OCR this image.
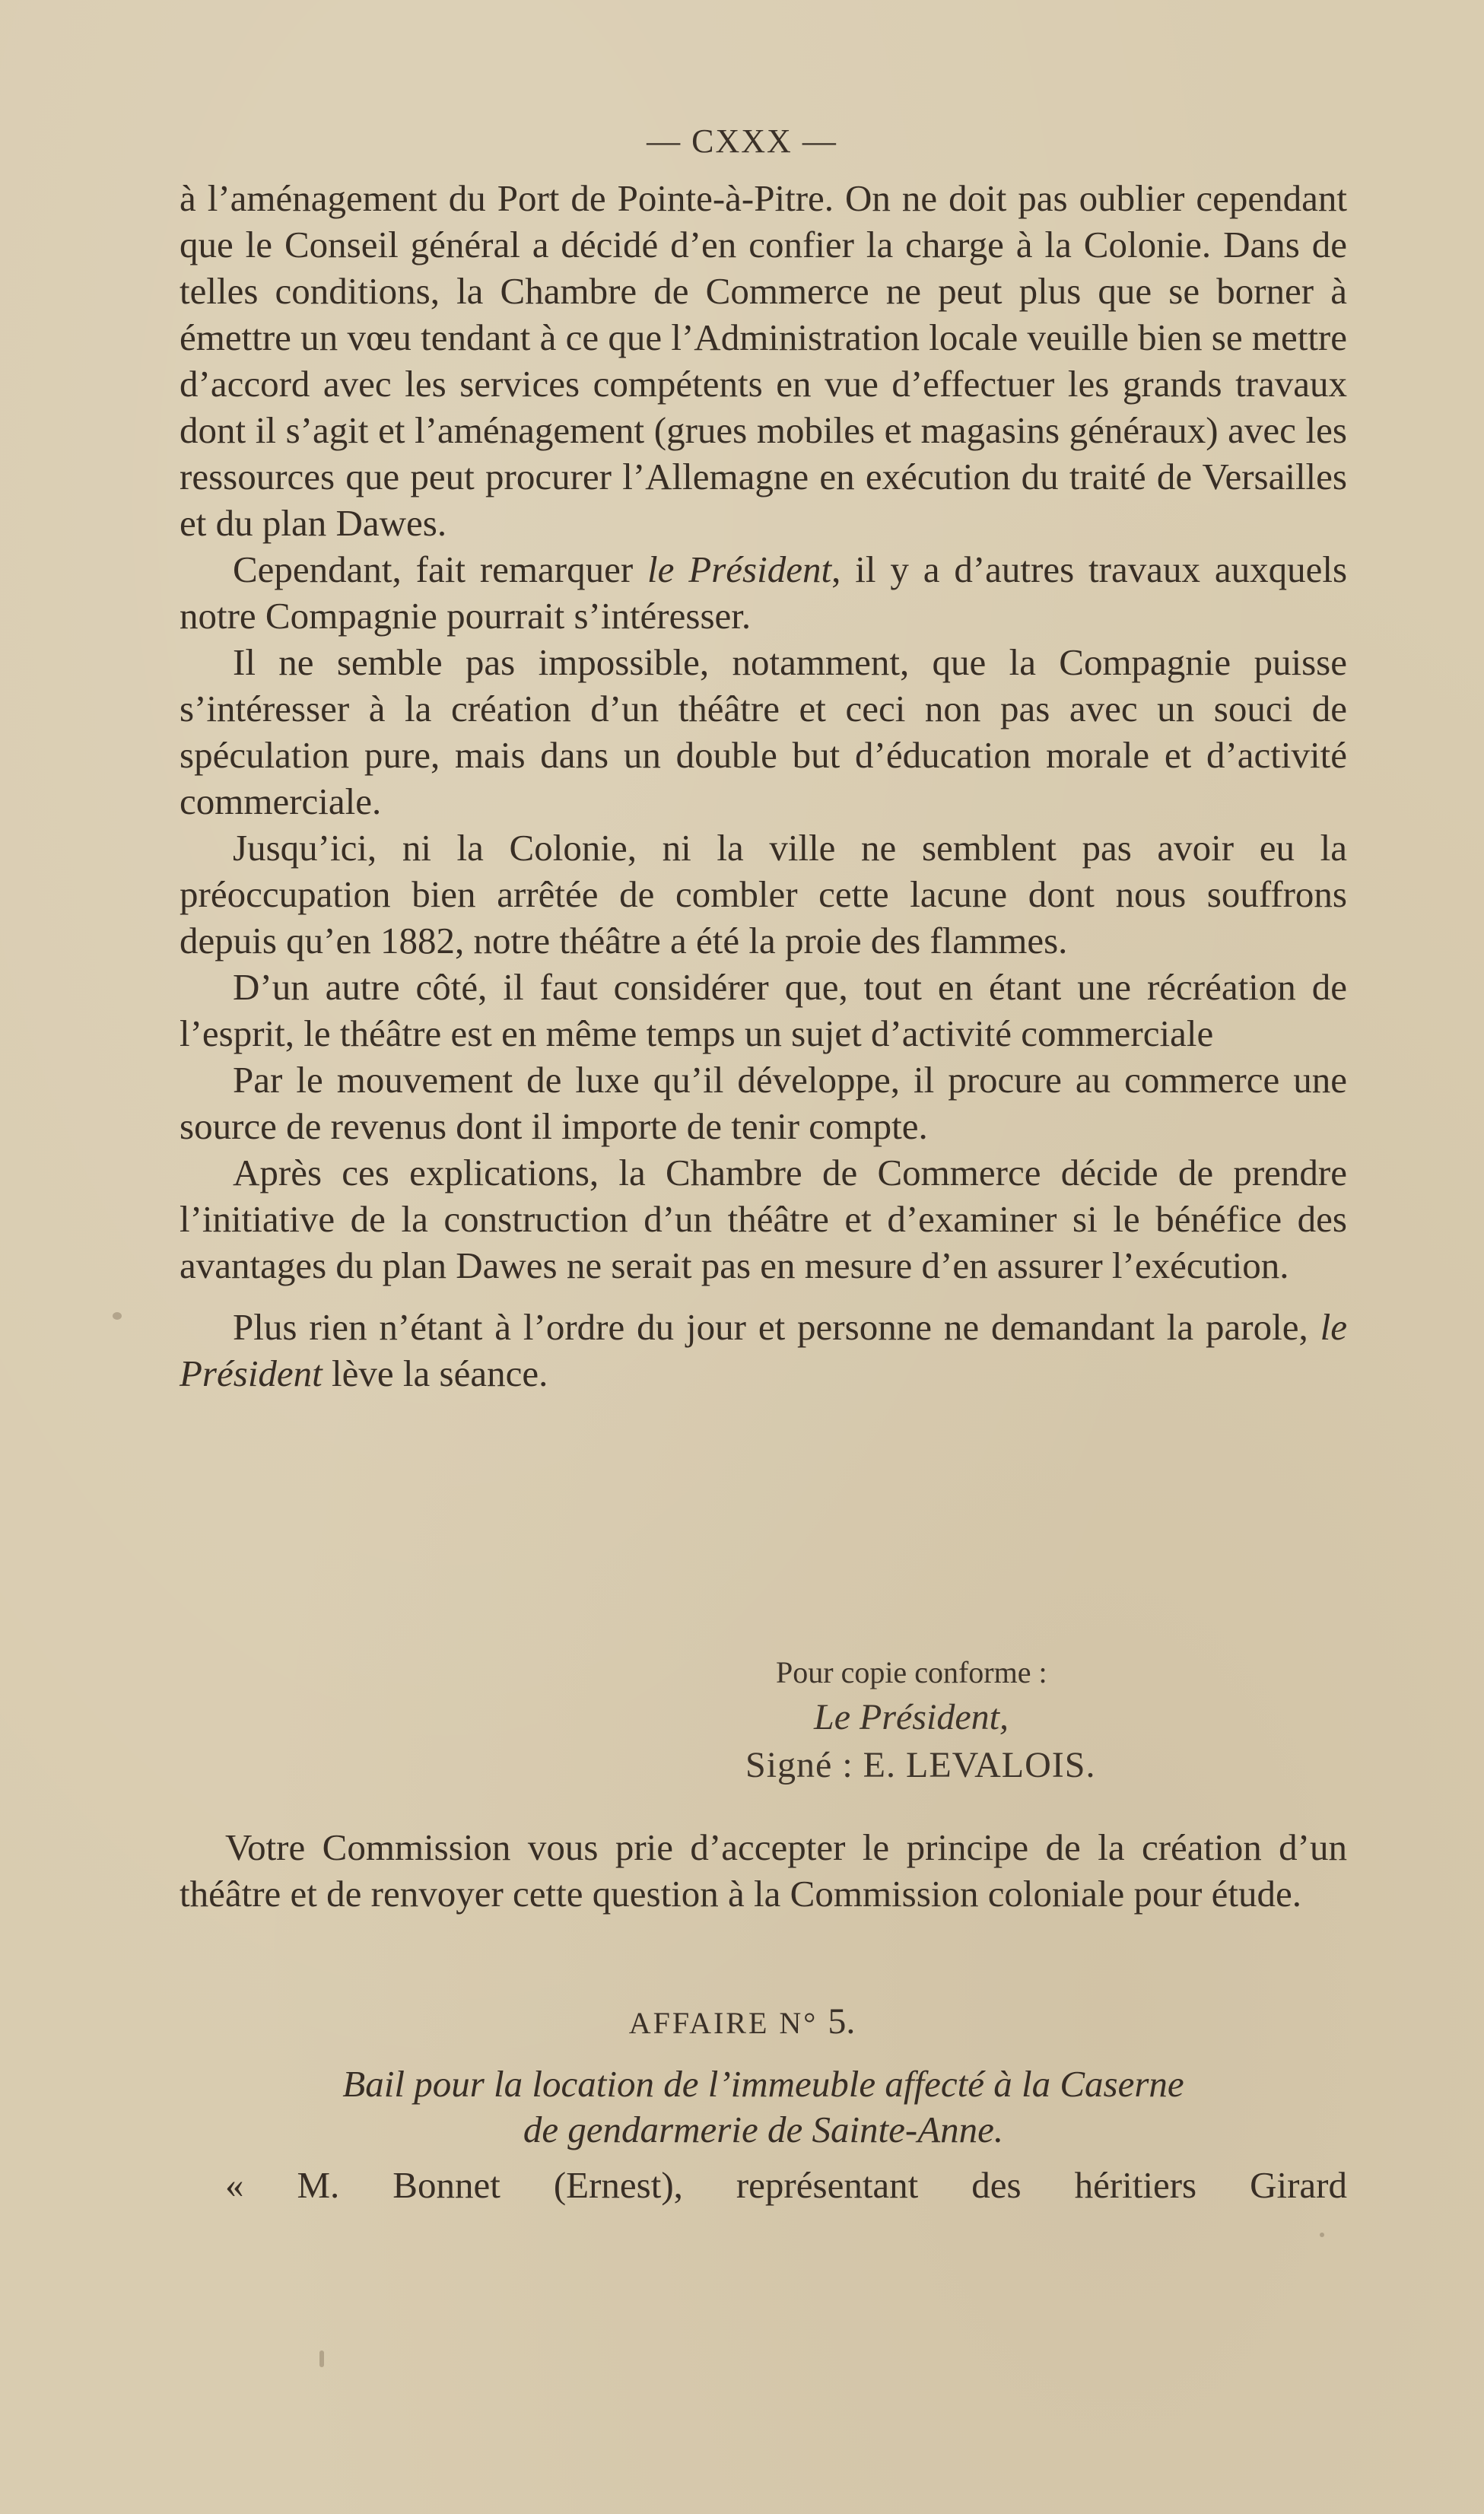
— CXXX —

à l’aménagement du Port de Pointe-à-Pitre. On ne doit pas oublier cependant que le Conseil général a décidé d’en confier la charge à la Colonie. Dans de telles conditions, la Chambre de Commerce ne peut plus que se borner à émettre un vœu tendant à ce que l’Administration locale veuille bien se mettre d’accord avec les services compétents en vue d’effectuer les grands travaux dont il s’agit et l’aménagement (grues mobiles et magasins généraux) avec les ressources que peut procurer l’Allemagne en exécution du traité de Versailles et du plan Dawes.

Cependant, fait remarquer le Président, il y a d’autres travaux auxquels notre Compagnie pourrait s’intéresser.

Il ne semble pas impossible, notamment, que la Compagnie puisse s’intéresser à la création d’un théâtre et ceci non pas avec un souci de spéculation pure, mais dans un double but d’éducation morale et d’activité commerciale.

Jusqu’ici, ni la Colonie, ni la ville ne semblent pas avoir eu la préoccupation bien arrêtée de combler cette lacune dont nous souffrons depuis qu’en 1882, notre théâtre a été la proie des flammes.

D’un autre côté, il faut considérer que, tout en étant une récréation de l’esprit, le théâtre est en même temps un sujet d’activité commerciale

Par le mouvement de luxe qu’il développe, il procure au commerce une source de revenus dont il importe de tenir compte.

Après ces explications, la Chambre de Commerce décide de prendre l’initiative de la construction d’un théâtre et d’examiner si le bénéfice des avantages du plan Dawes ne serait pas en mesure d’en assurer l’exécution.

Plus rien n’étant à l’ordre du jour et personne ne demandant la parole, le Président lève la séance.

Pour copie conforme :
Le Président,
Signé : E. LEVALOIS.

Votre Commission vous prie d’accepter le principe de la création d’un théâtre et de renvoyer cette question à la Commission coloniale pour étude.

AFFAIRE N° 5.
Bail pour la location de l’immeuble affecté à la Caserne
de gendarmerie de Sainte-Anne.
« M. Bonnet (Ernest), représentant des héritiers Girard
